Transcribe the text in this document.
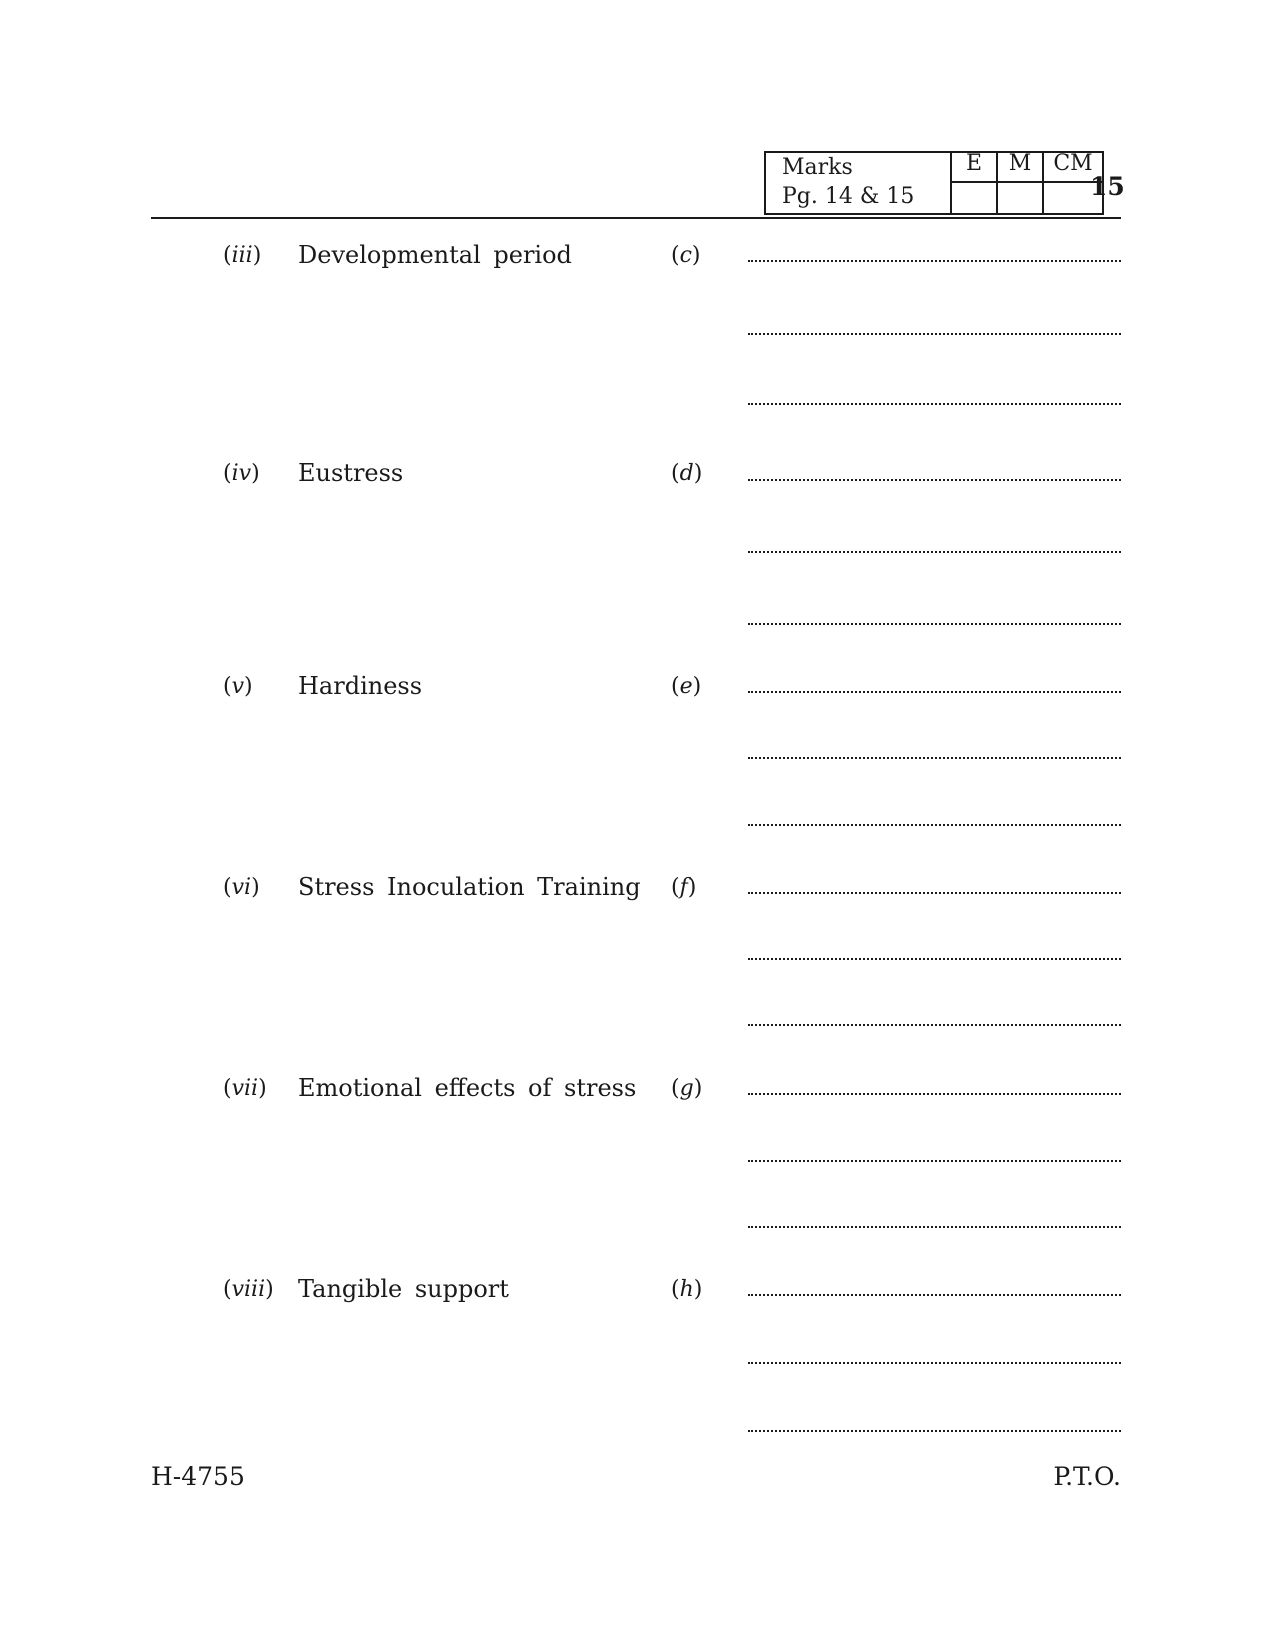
Marks
Pg. 14 & 15	E	M	CM

15
(iii) Developmental period	(c)
(iv) Eustress	(d)
(v) Hardiness	(e)
(vi) Stress Inoculation Training (f)
(vii) Emotional effects of stress (g)
(viii) Tangible support	(h)
H-4755	P.T.O.
